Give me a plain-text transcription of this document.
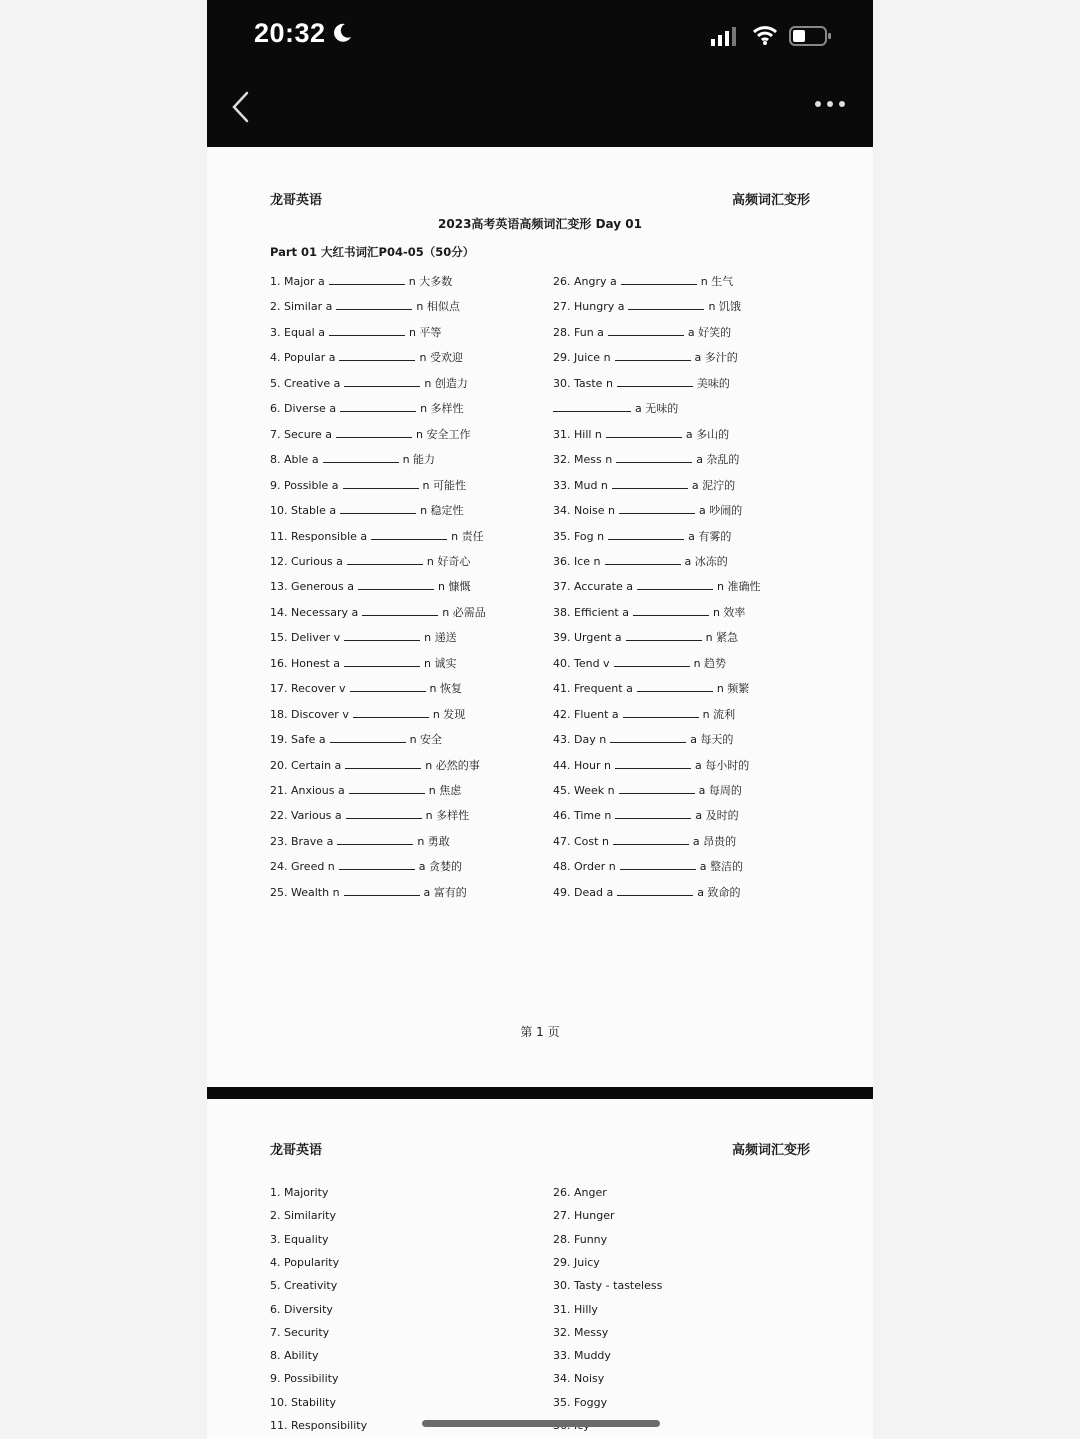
20:32
龙哥英语	高频词汇变形
2023高考英语高频词汇变形 Day 01
Part 01 大红书词汇P04-05（50分）
1. Major a	n 大多数
2. Similar a	n 相似点
3. Equal a	n 平等
4. Popular a	n 受欢迎
5. Creative a	n 创造力
6. Diverse a	n 多样性
7. Secure a	n 安全工作
8. Able a	n 能力
9. Possible a	n 可能性
10. Stable a	n 稳定性
11. Responsible a	n 责任
12. Curious a	n 好奇心
13. Generous a	n 慷慨
14. Necessary a	n 必需品
15. Deliver v	n 递送
16. Honest a	n 诚实
17. Recover v	n 恢复
18. Discover v	n 发现
19. Safe a	n 安全
20. Certain a	n 必然的事
21. Anxious a	n 焦虑
22. Various a	n 多样性
23. Brave a	n 勇敢
24. Greed n	a 贪婪的
25. Wealth n	a 富有的
26. Angry a	n 生气
27. Hungry a	n 饥饿
28. Fun a	a 好笑的
29. Juice n	a 多汁的
30. Taste n	美味的
a 无味的
31. Hill n	a 多山的
32. Mess n	a 杂乱的
33. Mud n	a 泥泞的
34. Noise n	a 吵闹的
35. Fog n	a 有雾的
36. Ice n	a 冰冻的
37. Accurate a	n 准确性
38. Efficient a	n 效率
39. Urgent a	n 紧急
40. Tend v	n 趋势
41. Frequent a	n 频繁
42. Fluent a	n 流利
43. Day n	a 每天的
44. Hour n	a 每小时的
45. Week n	a 每周的
46. Time n	a 及时的
47. Cost n	a 昂贵的
48. Order n	a 整洁的
49. Dead a	a 致命的
第 1 页
龙哥英语	高频词汇变形
1. Majority
2. Similarity
3. Equality
4. Popularity
5. Creativity
6. Diversity
7. Security
8. Ability
9. Possibility
10. Stability
11. Responsibility
26. Anger
27. Hunger
28. Funny
29. Juicy
30. Tasty - tasteless
31. Hilly
32. Messy
33. Muddy
34. Noisy
35. Foggy
